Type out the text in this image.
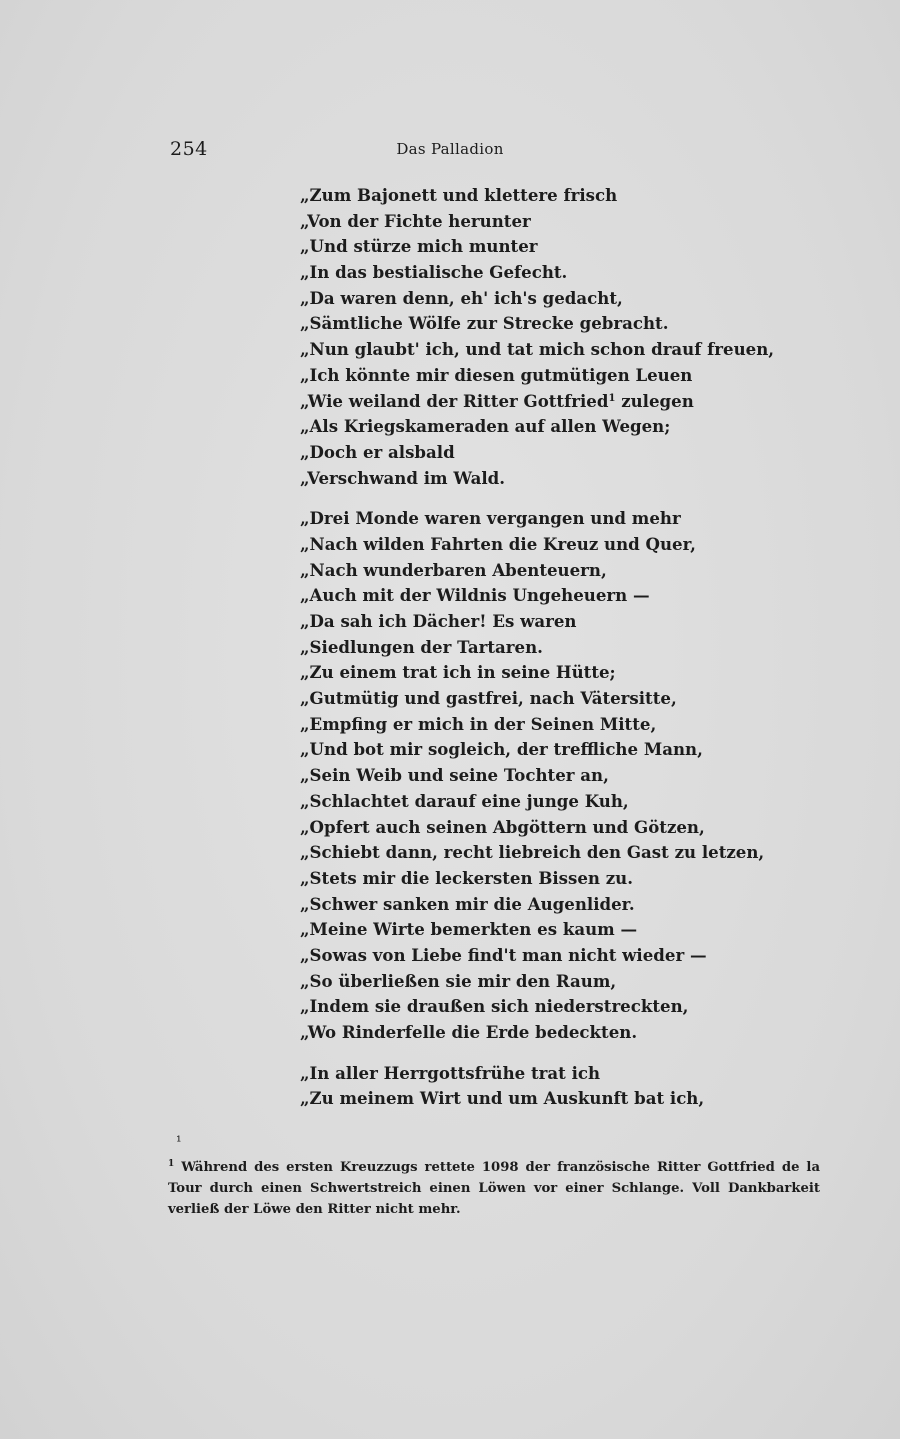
254	Das Palladion
„Zum Bajonett und klettere frisch
„Von der Fichte herunter
„Und stürze mich munter
„In das bestialische Gefecht.
„Da waren denn, eh' ich's gedacht,
„Sämtliche Wölfe zur Strecke gebracht.
„Nun glaubt' ich, und tat mich schon drauf freuen,
„Ich könnte mir diesen gutmütigen Leuen
„Wie weiland der Ritter Gottfried$^1$ zulegen
„Als Kriegskameraden auf allen Wegen;
„Doch er alsbald
„Verschwand im Wald.
„Drei Monde waren vergangen und mehr
„Nach wilden Fahrten die Kreuz und Quer,
„Nach wunderbaren Abenteuern,
„Auch mit der Wildnis Ungeheuern —
„Da sah ich Dächer! Es waren
„Siedlungen der Tartaren.
„Zu einem trat ich in seine Hütte;
„Gutmütig und gastfrei, nach Vätersitte,
„Empfing er mich in der Seinen Mitte,
„Und bot mir sogleich, der treffliche Mann,
„Sein Weib und seine Tochter an,
„Schlachtet darauf eine junge Kuh,
„Opfert auch seinen Abgöttern und Götzen,
„Schiebt dann, recht liebreich den Gast zu letzen,
„Stets mir die leckersten Bissen zu.
„Schwer sanken mir die Augenlider.
„Meine Wirte bemerkten es kaum —
„Sowas von Liebe find't man nicht wieder —
„So überließen sie mir den Raum,
„Indem sie draußen sich niederstreckten,
„Wo Rinderfelle die Erde bedeckten.
„In aller Herrgottsfrühe trat ich
„Zu meinem Wirt und um Auskunft bat ich,
¹
$^1$ Während des ersten Kreuzzugs rettete 1098 der französische Ritter Gottfried de la Tour durch einen Schwertstreich einen Löwen vor einer Schlange. Voll Dankbarkeit verließ der Löwe den Ritter nicht mehr.
